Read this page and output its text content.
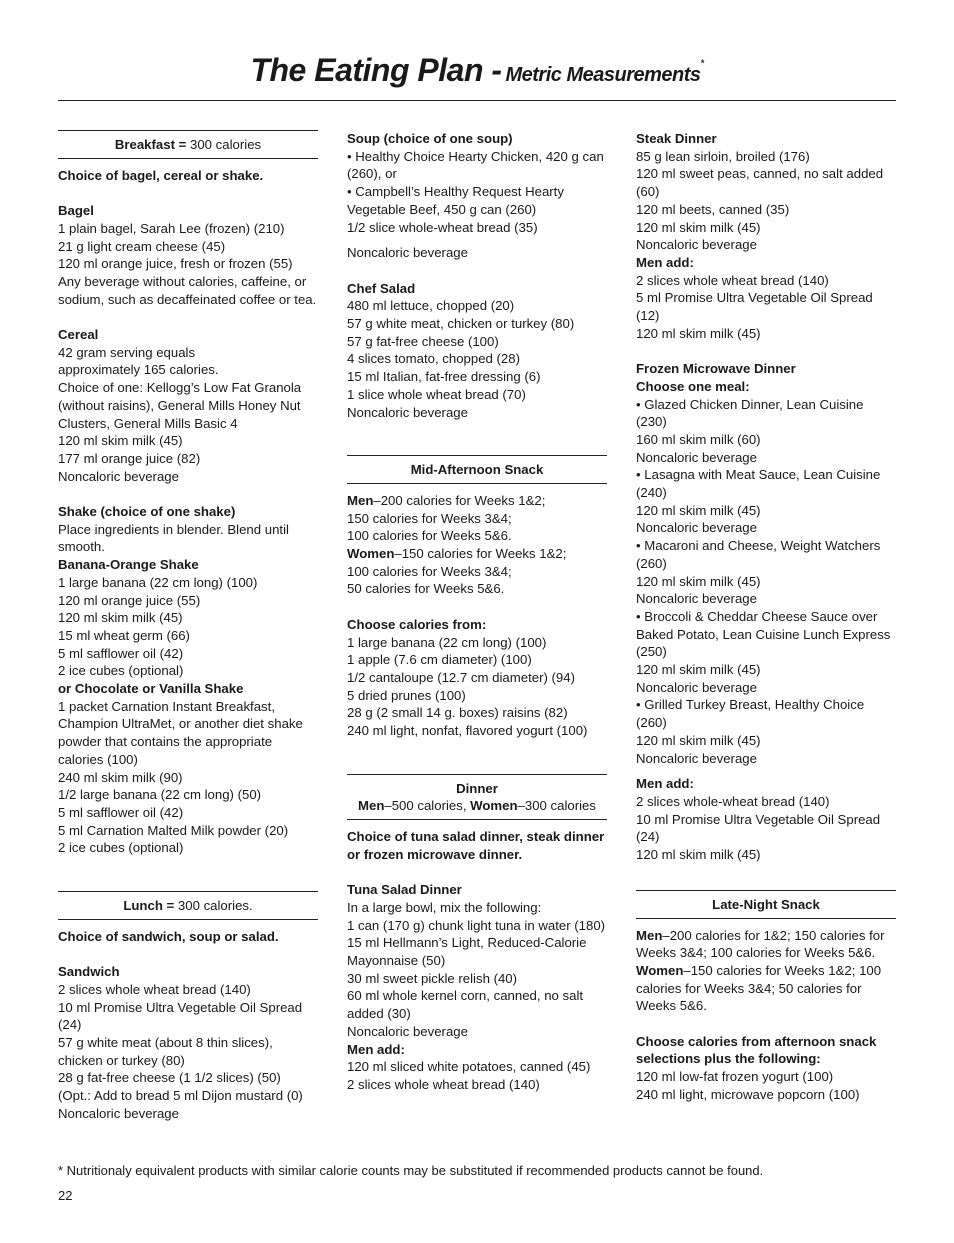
The Eating Plan - Metric Measurements*
Breakfast = 300 calories

Choice of bagel, cereal or shake.

Bagel

1 plain bagel, Sarah Lee (frozen) (210)

21 g light cream cheese (45)

120 ml orange juice, fresh or frozen (55)

Any beverage without calories, caffeine, or sodium, such as decaffeinated coffee or tea.

Cereal

42 gram serving equals

approximately 165 calories.

Choice of one: Kellogg’s Low Fat Granola (without raisins), General Mills Honey Nut Clusters, General Mills Basic 4

120 ml skim milk (45)

177 ml orange juice (82)

Noncaloric beverage

Shake (choice of one shake)

Place ingredients in blender. Blend until smooth.

Banana-Orange Shake

1 large banana (22 cm long) (100)

120 ml orange juice (55)

120 ml skim milk (45)

15 ml wheat germ (66)

5 ml safflower oil (42)

2 ice cubes (optional)

or Chocolate or Vanilla Shake

1 packet Carnation Instant Breakfast, Champion UltraMet, or another diet shake powder that contains the appropriate calories (100)

240 ml skim milk (90)

1/2 large banana (22 cm long) (50)

5 ml safflower oil (42)

5 ml Carnation Malted Milk powder (20)

2 ice cubes (optional)

Lunch = 300 calories.

Choice of sandwich, soup or salad.

Sandwich

2 slices whole wheat bread (140)

10 ml Promise Ultra Vegetable Oil Spread (24)

57 g white meat (about 8 thin slices), chicken or turkey (80)

28 g fat-free cheese (1 1/2 slices) (50)

(Opt.: Add to bread 5 ml Dijon mustard (0)

Noncaloric beverage

Soup (choice of one soup)

• Healthy Choice Hearty Chicken, 420 g can (260), or

• Campbell’s Healthy Request Hearty Vegetable Beef, 450 g can (260)

1/2 slice whole-wheat bread (35)

Noncaloric beverage

Chef Salad

480 ml lettuce, chopped (20)

57 g white meat, chicken or turkey (80)

57 g fat-free cheese (100)

4 slices tomato, chopped (28)

15 ml Italian, fat-free dressing (6)

1 slice whole wheat bread (70)

Noncaloric beverage

Mid-Afternoon Snack

Men–200 calories for Weeks 1&2;

150 calories for Weeks 3&4;

100 calories for Weeks 5&6.

Women–150 calories for Weeks 1&2;

100 calories for Weeks 3&4;

50 calories for Weeks 5&6.

Choose calories from:

1 large banana (22 cm long) (100)

1 apple (7.6 cm diameter) (100)

1/2 cantaloupe (12.7 cm diameter) (94)

5 dried prunes (100)

28 g (2 small 14 g. boxes) raisins (82)

240 ml light, nonfat, flavored yogurt (100)

Dinner
Men–500 calories, Women–300 calories

Choice of tuna salad dinner, steak dinner or frozen microwave dinner.

Tuna Salad Dinner

In a large bowl, mix the following:

1 can (170 g) chunk light tuna in water (180)

15 ml Hellmann’s Light, Reduced-Calorie Mayonnaise (50)

30 ml sweet pickle relish (40)

60 ml whole kernel corn, canned, no salt added (30)

Noncaloric beverage

Men add:

120 ml sliced white potatoes, canned (45)

2 slices whole wheat bread (140)

Steak Dinner

85 g lean sirloin, broiled (176)

120 ml sweet peas, canned, no salt added (60)

120 ml beets, canned (35)

120 ml skim milk (45)

Noncaloric beverage

Men add:

2 slices whole wheat bread (140)

5 ml Promise Ultra Vegetable Oil Spread (12)

120 ml skim milk (45)

Frozen Microwave Dinner

Choose one meal:

• Glazed Chicken Dinner, Lean Cuisine (230)

160 ml skim milk (60)

Noncaloric beverage

• Lasagna with Meat Sauce, Lean Cuisine (240)

120 ml skim milk (45)

Noncaloric beverage

• Macaroni and Cheese, Weight Watchers (260)

120 ml skim milk (45)

Noncaloric beverage

• Broccoli & Cheddar Cheese Sauce over Baked Potato, Lean Cuisine Lunch Express (250)

120 ml skim milk (45)

Noncaloric beverage

• Grilled Turkey Breast, Healthy Choice (260)

120 ml skim milk (45)

Noncaloric beverage

Men add:

2 slices whole-wheat bread (140)

10 ml Promise Ultra Vegetable Oil Spread (24)

120 ml skim milk (45)

Late-Night Snack

Men–200 calories for 1&2; 150 calories for Weeks 3&4; 100 calories for Weeks 5&6.

Women–150 calories for Weeks 1&2; 100 calories for Weeks 3&4; 50 calories for Weeks 5&6.

Choose calories from afternoon snack selections plus the following:

120 ml low-fat frozen yogurt (100)

240 ml light, microwave popcorn (100)

* Nutritionaly equivalent products with similar calorie counts may be substituted if recommended products cannot be found.
22
